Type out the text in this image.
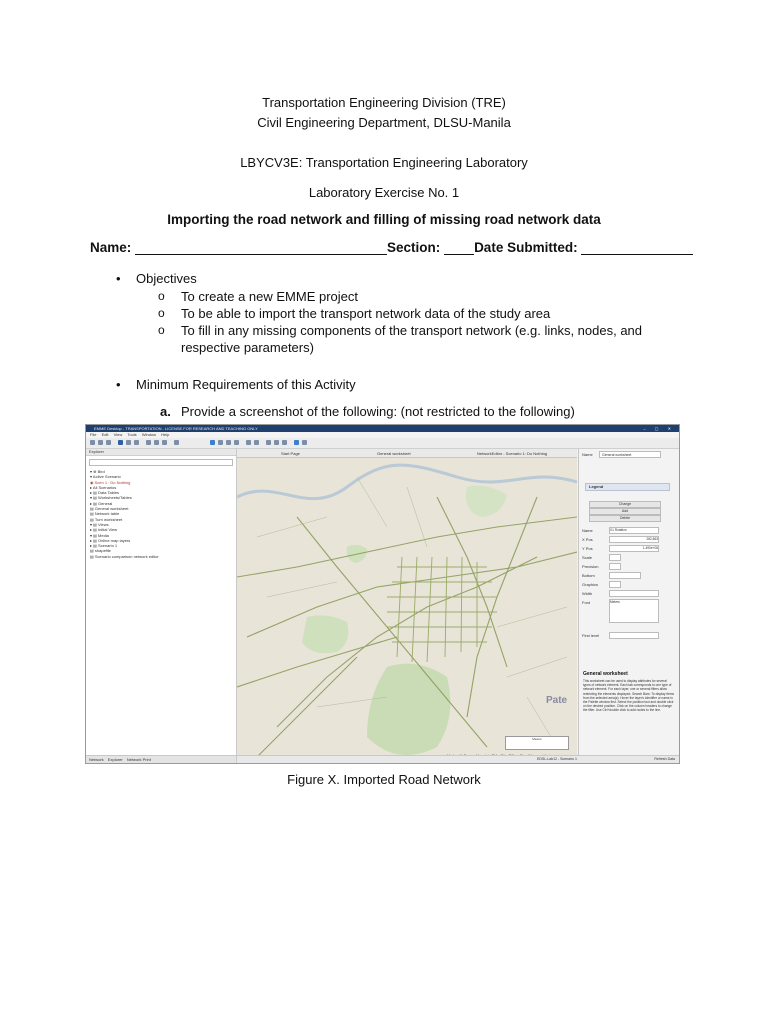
Transportation Engineering Division (TRE)
Civil Engineering Department, DLSU-Manila
LBYCV3E: Transportation Engineering Laboratory
Laboratory Exercise No. 1
Importing the road network and filling of missing road network data
Name:	Section:	Date Submitted:
• Objectives
o To create a new EMME project
o To be able to import the transport network data of the study area
o To fill in any missing components of the transport network (e.g. links, nodes, and respective parameters)
• Minimum Requirements of this Activity
a. Provide a screenshot of the following: (not restricted to the following)
EMME Desktop - TRANSPORTATION - LICENSE FOR RESEARCH AND TEACHING ONLY	– ▢ ✕
File Edit View Tools Window Help
Explorer
▾ ⊕ Bird
▾ Active Scenario
◉ Scen 1 : Do Nothing
▸ All Scenarios
▸ ▤ Data Tables
▾ ▤ Worksheets/Tables
▸ ▤ General
▤ General worksheet
▤ Network table
▤ Turn worksheet
▾ ▤ Views
▸ ▤ Initial View
▾ ▤ Media
▸ ▤ Online map layers
▸ ▤ Scenario 1
▤ shapefile
▤ Scenario comparison network editor
Network Explorer Network Print
Start Page	General worksheet	NetworkEditor - Scenario 1: Do Nothing
Pate
Meters
Name	General worksheet
Legend
Change
Add
Delete
Name	X1 Rotation
X Pos	282,863
Y Pos	1.490e+06
Scale
Precision
Bottom
Graphics
Width
Font	Meters
First level
General worksheet
This worksheet can be used to display attributes for several types of network element. Each tab corresponds to one type of network element. For each layer, one or several filters allow restricting the elements displayed. Search Bars: To display items from the selected area(s): Hover the layer's identifier or name in the Palette window first. Select the position tool and double click on the desired position. Click on the column headers to change the filter. Use Ctrl+double click to add nodes to the line.
EDSL-Lab12 - Scenario 1	Refresh Data
Figure X. Imported Road Network
